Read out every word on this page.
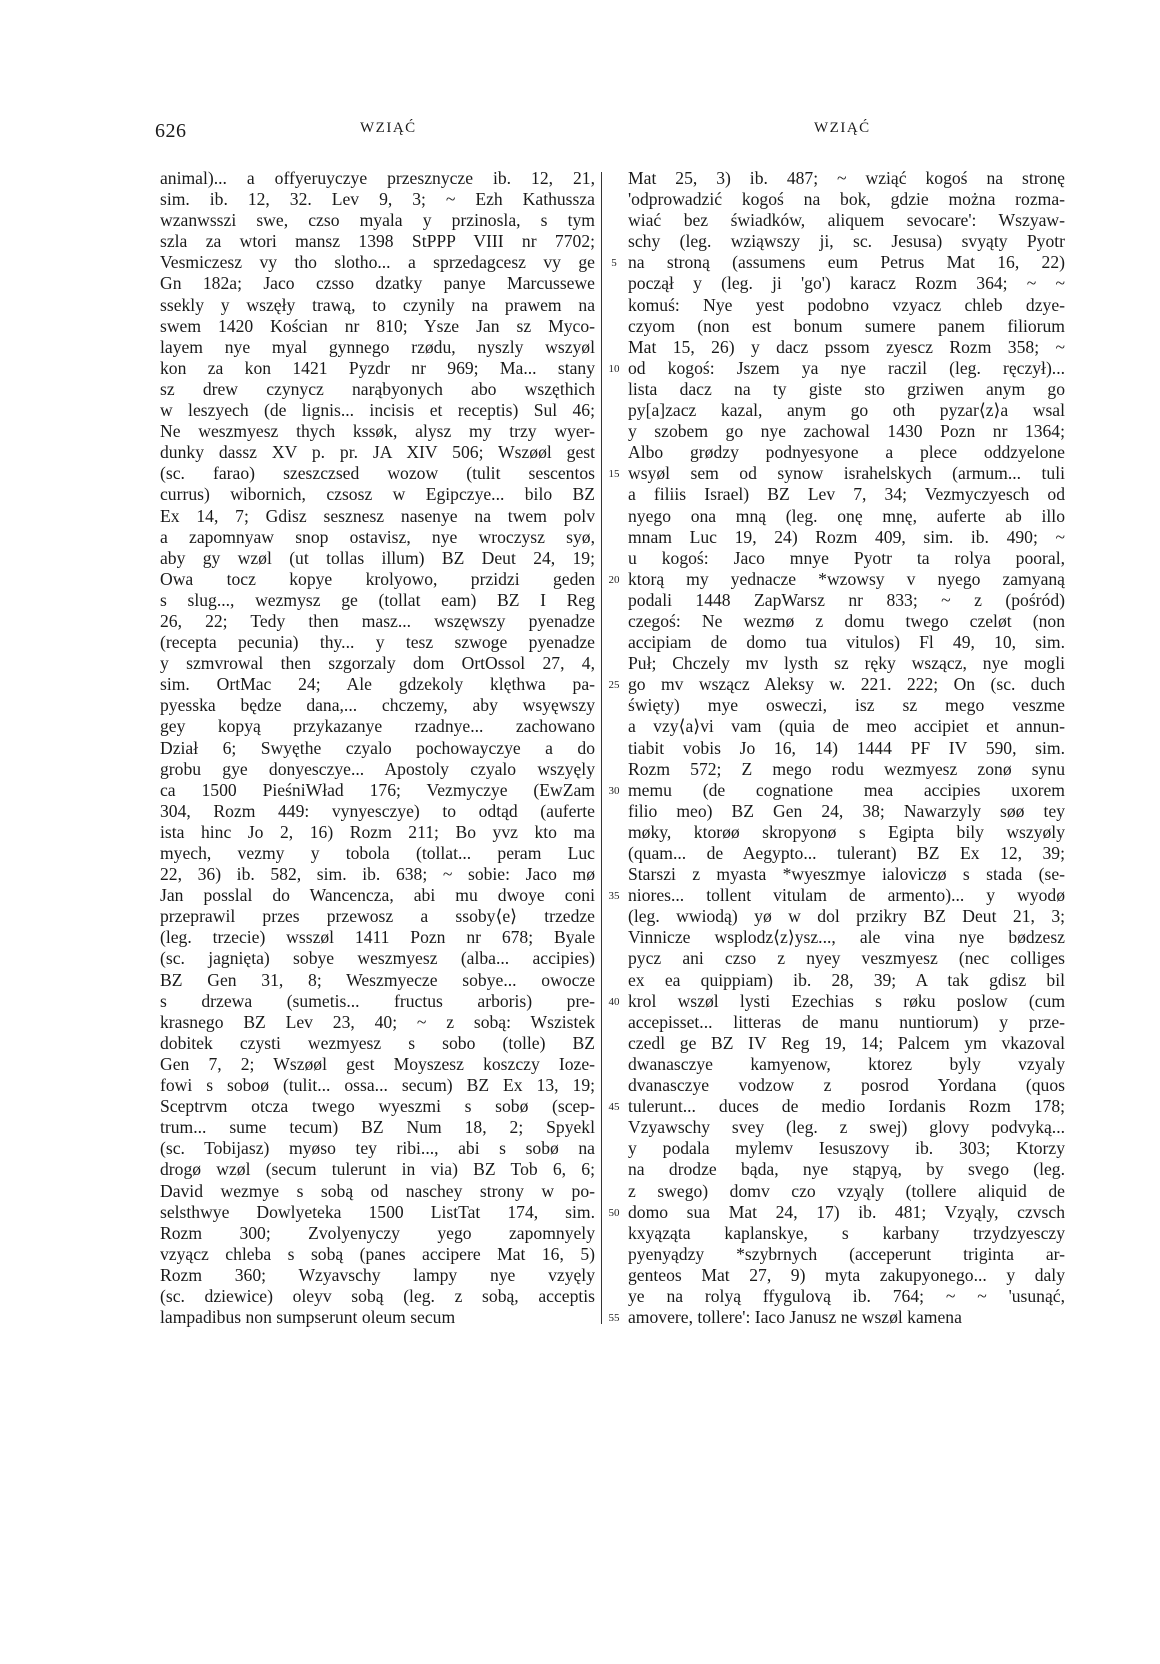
626	WZIĄĆ	WZIĄĆ
animal)... a offyeruyczye przesznycze ib. 12, 21,
sim. ib. 12, 32. Lev 9, 3; ~ Ezh Kathussza
wzanwsszi swe, czso myala y przinosla, s tym
szla za wtori mansz 1398 StPPP VIII nr 7702;
Vesmiczesz vy tho slotho... a sprzedagcesz vy ge
Gn 182a; Jaco czsso dzatky panye Marcussewe
ssekly y wszęły trawą, to czynily na prawem na
swem 1420 Kościan nr 810; Ysze Jan sz Myco-
layem nye myal gynnego rzødu, nyszly wszyøl
kon za kon 1421 Pyzdr nr 969; Ma... stany
sz drew czynycz narąbyonych abo wszęthich
w leszyech (de lignis... incisis et receptis) Sul 46;
Ne weszmyesz thych kssøk, alysz my trzy wyer-
dunky dassz XV p. pr. JA XIV 506; Wszøøl gest
(sc. farao) szeszczsed wozow (tulit sescentos
currus) wibornich, czsosz w Egipczye... bilo BZ
Ex 14, 7; Gdisz sesznesz nasenye na twem polv
a zapomnyaw snop ostavisz, nye wroczysz syø,
aby gy wzøl (ut tollas illum) BZ Deut 24, 19;
Owa tocz kopye krolyowo, przidzi geden
s slug..., wezmysz ge (tollat eam) BZ I Reg
26, 22; Tedy then masz... wszęwszy pyenadze
(recepta pecunia) thy... y tesz szwoge pyenadze
y szmvrowal then szgorzaly dom OrtOssol 27, 4,
sim. OrtMac 24; Ale gdzekoly klęthwa pa-
pyesska będze dana,... chczemy, aby wsyęwszy
gey kopyą przykazanye rzadnye... zachowano
Dział 6; Swyęthe czyalo pochowayczye a do
grobu gye donyesczye... Apostoly czyalo wszyęly
ca 1500 PieśniWład 176; Vezmyczye (EwZam
304, Rozm 449: vynyesczye) to odtąd (auferte
ista hinc Jo 2, 16) Rozm 211; Bo yvz kto ma
myech, vezmy y tobola (tollat... peram Luc
22, 36) ib. 582, sim. ib. 638; ~ sobie: Jaco mø
Jan posslal do Wancencza, abi mu dwoye coni
przeprawil przes przewosz a ssoby⟨e⟩ trzedze
(leg. trzecie) wsszøl 1411 Pozn nr 678; Byale
(sc. jagnięta) sobye weszmyesz (alba... accipies)
BZ Gen 31, 8; Weszmyecze sobye... owocze
s drzewa (sumetis... fructus arboris) pre-
krasnego BZ Lev 23, 40; ~ z sobą: Wszistek
dobitek czysti wezmyesz s sobo (tolle) BZ
Gen 7, 2; Wszøøl gest Moyszesz koszczy Ioze-
fowi s soboø (tulit... ossa... secum) BZ Ex 13, 19;
Sceptrvm otcza twego wyeszmi s sobø (scep-
trum... sume tecum) BZ Num 18, 2; Spyekl
(sc. Tobijasz) myøso tey ribi..., abi s sobø na
drogø wzøl (secum tulerunt in via) BZ Tob 6, 6;
David wezmye s sobą od naschey strony w po-
selsthwye Dowlyeteka 1500 ListTat 174, sim.
Rozm 300; Zvolyenyczy yego zapomnyely
vzyącz chleba s sobą (panes accipere Mat 16, 5)
Rozm 360; Wzyavschy lampy nye vzyęly
(sc. dziewice) oleyv sobą (leg. z sobą, acceptis
lampadibus non sumpserunt oleum secum
5
10
15
20
25
30
35
40
45
50
55
Mat 25, 3) ib. 487; ~ wziąć kogoś na stronę
'odprowadzić kogoś na bok, gdzie można rozma-
wiać bez świadków, aliquem sevocare': Wszyaw-
schy (leg. wziąwszy ji, sc. Jesusa) svyąty Pyotr
na stroną (assumens eum Petrus Mat 16, 22)
począł y (leg. ji 'go') karacz Rozm 364; ~ ~
komuś: Nye yest podobno vzyacz chleb dzye-
czyom (non est bonum sumere panem filiorum
Mat 15, 26) y dacz pssom zyescz Rozm 358; ~
od kogoś: Jszem ya nye raczil (leg. ręczył)...
lista dacz na ty giste sto grziwen anym go
py[a]zacz kazal, anym go oth pyzar⟨z⟩a wsal
y szobem go nye zachowal 1430 Pozn nr 1364;
Albo grødzy podnyesyone a plece oddzyelone
wsyøl sem od synow israhelskych (armum... tuli
a filiis Israel) BZ Lev 7, 34; Vezmyczyesch od
nyego ona mną (leg. onę mnę, auferte ab illo
mnam Luc 19, 24) Rozm 409, sim. ib. 490; ~
u kogoś: Jaco mnye Pyotr ta rolya pooral,
ktorą my yednacze *wzowsy v nyego zamyaną
podali 1448 ZapWarsz nr 833; ~ z (pośród)
czegoś: Ne wezmø z domu twego czeløt (non
accipiam de domo tua vitulos) Fl 49, 10, sim.
Puł; Chczely mv lysth sz ręky wszącz, nye mogli
go mv wszącz Aleksy w. 221. 222; On (sc. duch
święty) mye osweczi, isz sz mego veszme
a vzy⟨a⟩vi vam (quia de meo accipiet et annun-
tiabit vobis Jo 16, 14) 1444 PF IV 590, sim.
Rozm 572; Z mego rodu wezmyesz zonø synu
memu (de cognatione mea accipies uxorem
filio meo) BZ Gen 24, 38; Nawarzyly søø tey
møky, ktorøø skropyonø s Egipta bily wszyøly
(quam... de Aegypto... tulerant) BZ Ex 12, 39;
Starszi z myasta *wyeszmye ialoviczø s stada (se-
niores... tollent vitulam de armento)... y wyodø
(leg. wwiodą) yø w dol przikry BZ Deut 21, 3;
Vinnicze wsplodz⟨z⟩ysz..., ale vina nye bødzesz
pycz ani czso z nyey veszmyesz (nec colliges
ex ea quippiam) ib. 28, 39; A tak gdisz bil
krol wszøl lysti Ezechias s røku poslow (cum
accepisset... litteras de manu nuntiorum) y prze-
czedl ge BZ IV Reg 19, 14; Palcem ym vkazoval
dwanasczye kamyenow, ktorez byly vzyaly
dvanasczye vodzow z posrod Yordana (quos
tulerunt... duces de medio Iordanis Rozm 178;
Vzyawschy svey (leg. z swej) glovy podvyką...
y podala mylemv Iesuszovy ib. 303; Ktorzy
na drodze bąda, nye stąpyą, by svego (leg.
z swego) domv czo vzyąly (tollere aliquid de
domo sua Mat 24, 17) ib. 481; Vzyąly, czvsch
kxyąząta kaplanskye, s karbany trzydzyesczy
pyenyądzy *szybrnych (acceperunt triginta ar-
genteos Mat 27, 9) myta zakupyonego... y daly
ye na rolyą ffygulovą ib. 764; ~ ~ 'usunąć,
amovere, tollere': Iaco Janusz ne wszøl kamena
